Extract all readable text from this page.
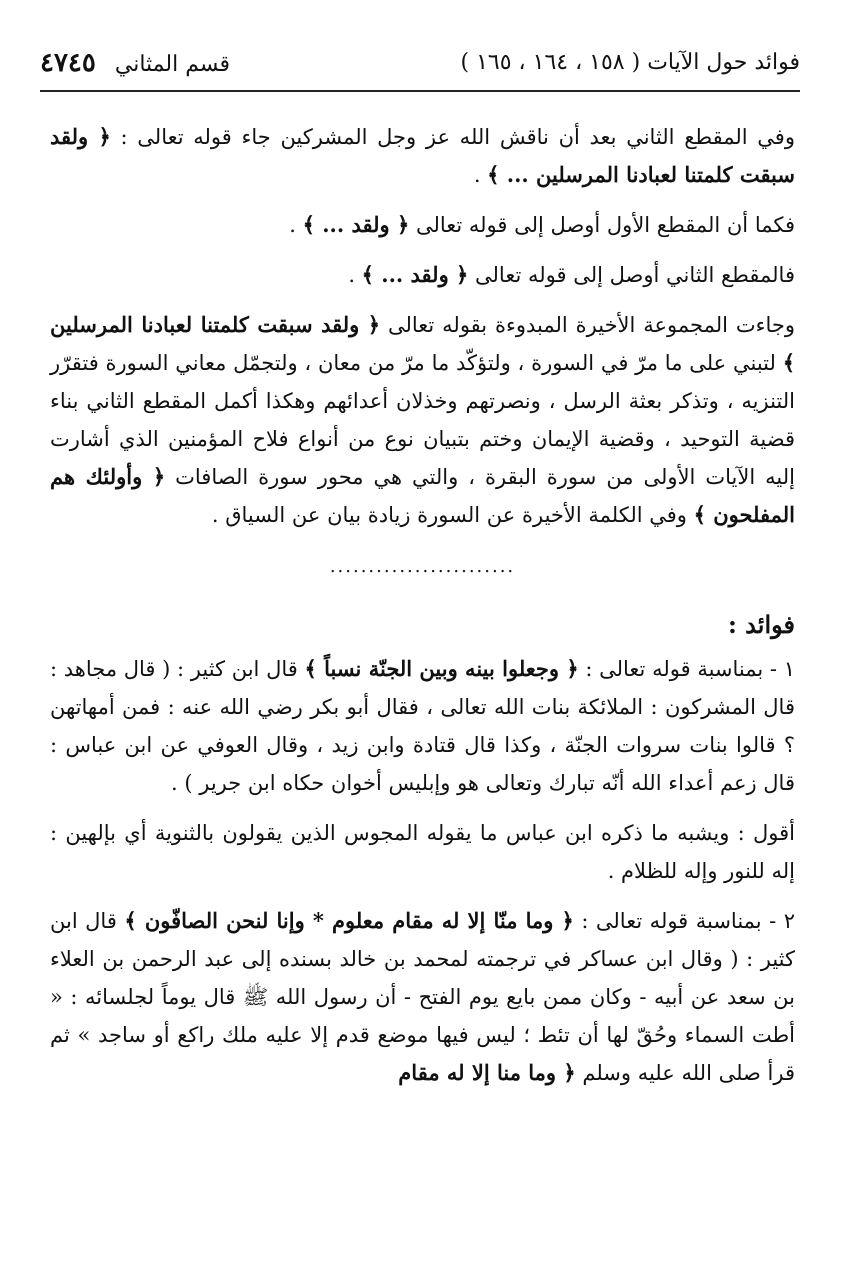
فوائد حول الآيات ( ١٥٨ ، ١٦٤ ، ١٦٥ )
قسم المثاني ٤٧٤٥

وفي المقطع الثاني بعد أن ناقش الله عز وجل المشركين جاء قوله تعالى : ﴿ ولقد سبقت كلمتنا لعبادنا المرسلين ... ﴾ .

فكما أن المقطع الأول أوصل إلى قوله تعالى ﴿ ولقد ... ﴾ .

فالمقطع الثاني أوصل إلى قوله تعالى ﴿ ولقد ... ﴾ .

وجاءت المجموعة الأخيرة المبدوءة بقوله تعالى ﴿ ولقد سبقت كلمتنا لعبادنا المرسلين ﴾ لتبني على ما مرّ في السورة ، ولتؤكّد ما مرّ من معان ، ولتجمّل معاني السورة فتقرّر التنزيه ، وتذكر بعثة الرسل ، ونصرتهم وخذلان أعدائهم وهكذا أكمل المقطع الثاني بناء قضية التوحيد ، وقضية الإيمان وختم بتبيان نوع من أنواع فلاح المؤمنين الذي أشارت إليه الآيات الأولى من سورة البقرة ، والتي هي محور سورة الصافات ﴿ وأولئك هم المفلحون ﴾ وفي الكلمة الأخيرة عن السورة زيادة بيان عن السياق .

........................
فوائد :

١ - بمناسبة قوله تعالى : ﴿ وجعلوا بينه وبين الجنّة نسباً ﴾ قال ابن كثير : ( قال مجاهد : قال المشركون : الملائكة بنات الله تعالى ، فقال أبو بكر رضي الله عنه : فمن أمهاتهن ؟ قالوا بنات سروات الجنّة ، وكذا قال قتادة وابن زيد ، وقال العوفي عن ابن عباس : قال زعم أعداء الله أنّه تبارك وتعالى هو وإبليس أخوان حكاه ابن جرير ) .

أقول : ويشبه ما ذكره ابن عباس ما يقوله المجوس الذين يقولون بالثنوية أي بإلهين : إله للنور وإله للظلام .

٢ - بمناسبة قوله تعالى : ﴿ وما منّا إلا له مقام معلوم * وإنا لنحن الصافّون ﴾ قال ابن كثير : ( وقال ابن عساكر في ترجمته لمحمد بن خالد بسنده إلى عبد الرحمن بن العلاء بن سعد عن أبيه - وكان ممن بايع يوم الفتح - أن رسول الله ﷺ قال يوماً لجلسائه : « أطت السماء وحُقّ لها أن تئط ؛ ليس فيها موضع قدم إلا عليه ملك راكع أو ساجد » ثم قرأ صلى الله عليه وسلم ﴿ وما منا إلا له مقام
